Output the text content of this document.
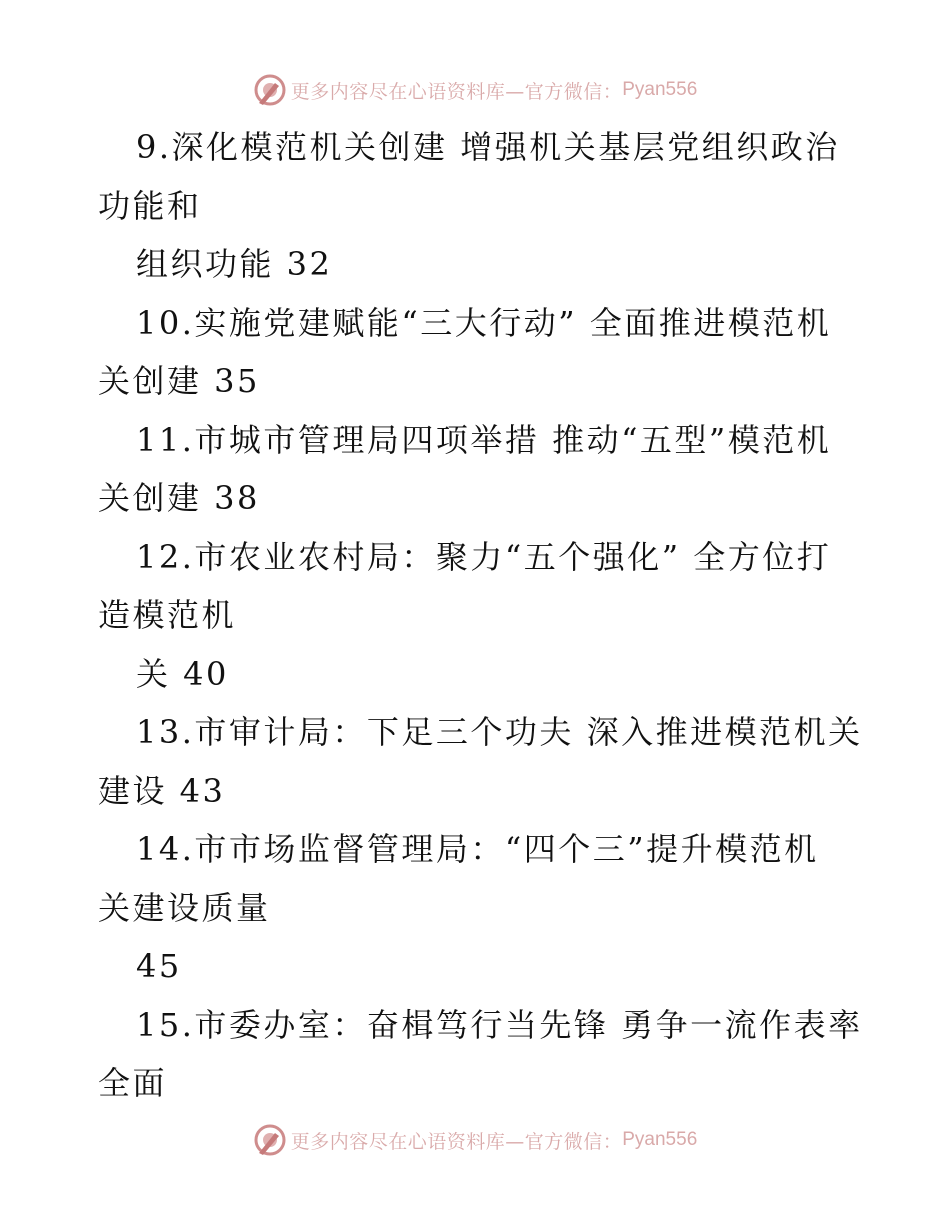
更多内容尽在心语资料库—官方微信： Pyan556
9.深化模范机关创建 增强机关基层党组织政治
功能和
组织功能 32
10.实施党建赋能“三大行动” 全面推进模范机
关创建 35
11.市城市管理局四项举措 推动“五型”模范机
关创建 38
12.市农业农村局：聚力“五个强化” 全方位打
造模范机
关 40
13.市审计局：下足三个功夫 深入推进模范机关
建设 43
14.市市场监督管理局：“四个三”提升模范机
关建设质量
45
15.市委办室：奋楫笃行当先锋 勇争一流作表率
全面
更多内容尽在心语资料库—官方微信： Pyan556
